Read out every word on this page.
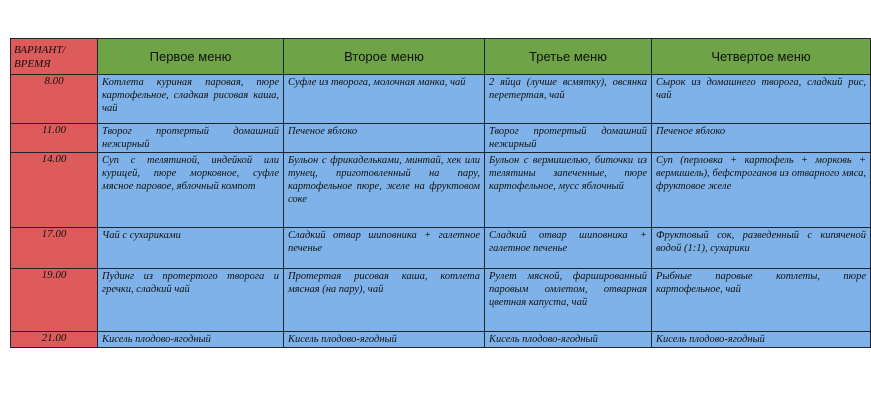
ВАРИАНТ/ВРЕМЯ	Первое меню	Второе меню	Третье меню	Четвертое меню
8.00	Котлета куриная паровая, пюре картофельное, сладкая рисовая каша, чай	Суфле из творога, молочная манка, чай	2 яйца (лучше всмятку), овсянка перетертая, чай	Сырок из домашнего творога, сладкий рис, чай
11.00	Творог протертый домашний нежирный	Печеное яблоко	Творог протертый домашний нежирный	Печеное яблоко
14.00	Суп с телятиной, индейкой или курицей, пюре морковное, суфле мясное паровое, яблочный компот	Бульон с фрикадельками, минтай, хек или тунец, приготовленный на пару, картофельное пюре, желе на фруктовом соке	Бульон с вермишелью, биточки из телятины запеченные, пюре картофельное, мусс яблочный	Суп (перловка + картофель + морковь + вермишель), бефстроганов из отварного мяса, фруктовое желе
17.00	Чай с сухариками	Сладкий отвар шиповника + галетное печенье	Сладкий отвар шиповника + галетное печенье	Фруктовый сок, разведенный с кипяченой водой (1:1), сухарики
19.00	Пудинг из протертого творога и гречки, сладкий чай	Протертая рисовая каша, котлета мясная (на пару), чай	Рулет мясной, фаршированный паровым омлетом, отварная цветная капуста, чай	Рыбные паровые котлеты, пюре картофельное, чай
21.00	Кисель плодово-ягодный	Кисель плодово-ягодный	Кисель плодово-ягодный	Кисель плодово-ягодный
